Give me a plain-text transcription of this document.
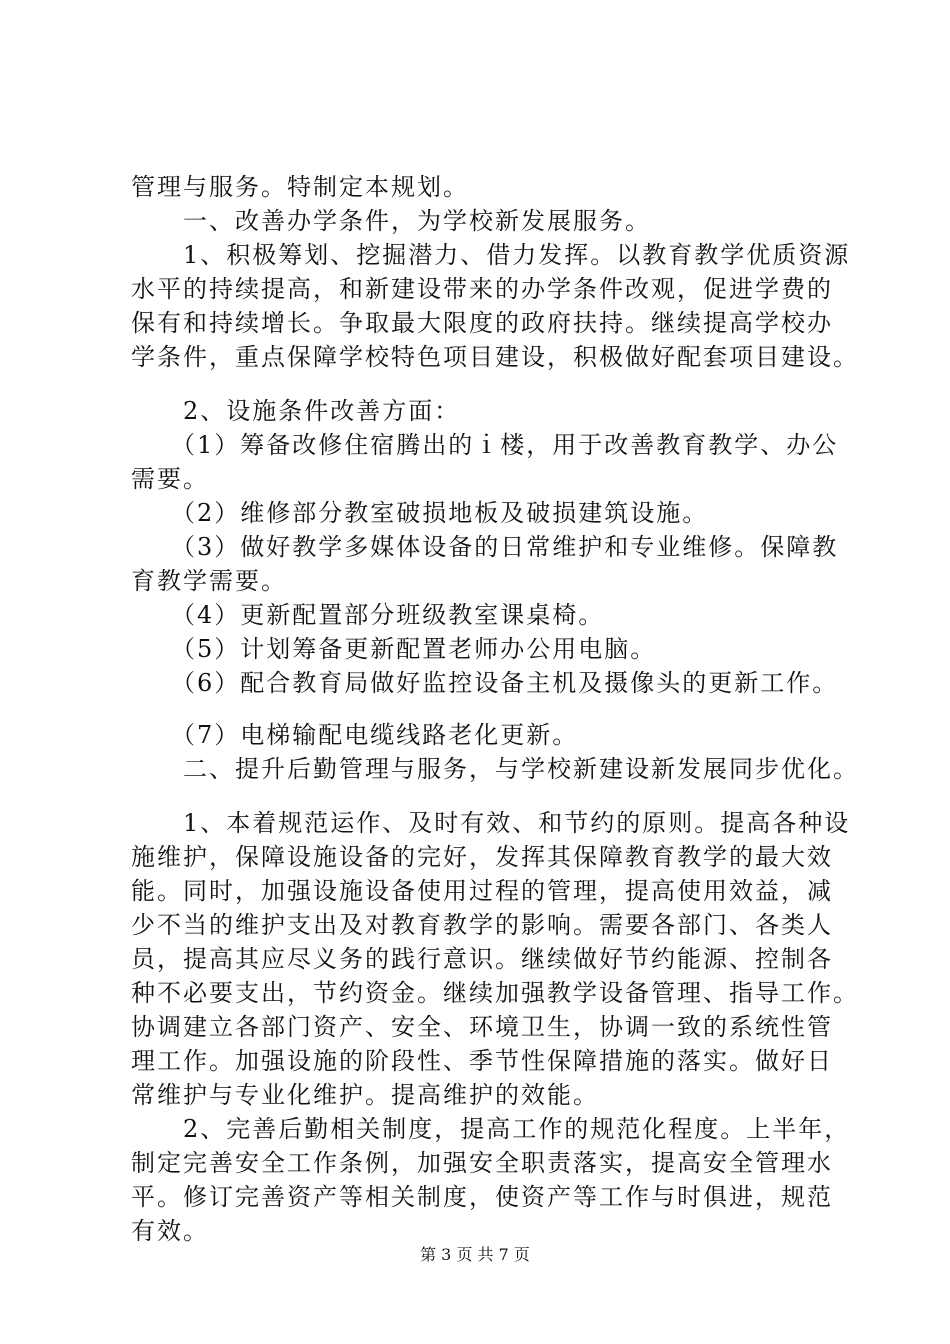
管理与服务。特制定本规划。
　　一、改善办学条件，为学校新发展服务。
　　1、积极筹划、挖掘潜力、借力发挥。以教育教学优质资源
水平的持续提高，和新建设带来的办学条件改观，促进学费的
保有和持续增长。争取最大限度的政府扶持。继续提高学校办
学条件，重点保障学校特色项目建设，积极做好配套项目建设。
　　2、设施条件改善方面：
　　（1）筹备改修住宿腾出的ｉ楼，用于改善教育教学、办公
需要。
　　（2）维修部分教室破损地板及破损建筑设施。
　　（3）做好教学多媒体设备的日常维护和专业维修。保障教
育教学需要。
　　（4）更新配置部分班级教室课桌椅。
　　（5）计划筹备更新配置老师办公用电脑。
　　（6）配合教育局做好监控设备主机及摄像头的更新工作。
　　（7）电梯输配电缆线路老化更新。
　　二、提升后勤管理与服务，与学校新建设新发展同步优化。
　　1、本着规范运作、及时有效、和节约的原则。提高各种设
施维护，保障设施设备的完好，发挥其保障教育教学的最大效
能。同时，加强设施设备使用过程的管理，提高使用效益，减
少不当的维护支出及对教育教学的影响。需要各部门、各类人
员，提高其应尽义务的践行意识。继续做好节约能源、控制各
种不必要支出，节约资金。继续加强教学设备管理、指导工作。
协调建立各部门资产、安全、环境卫生，协调一致的系统性管
理工作。加强设施的阶段性、季节性保障措施的落实。做好日
常维护与专业化维护。提高维护的效能。
　　2、完善后勤相关制度，提高工作的规范化程度。上半年，
制定完善安全工作条例，加强安全职责落实，提高安全管理水
平。修订完善资产等相关制度，使资产等工作与时俱进，规范
有效。
第 3 页 共 7 页
